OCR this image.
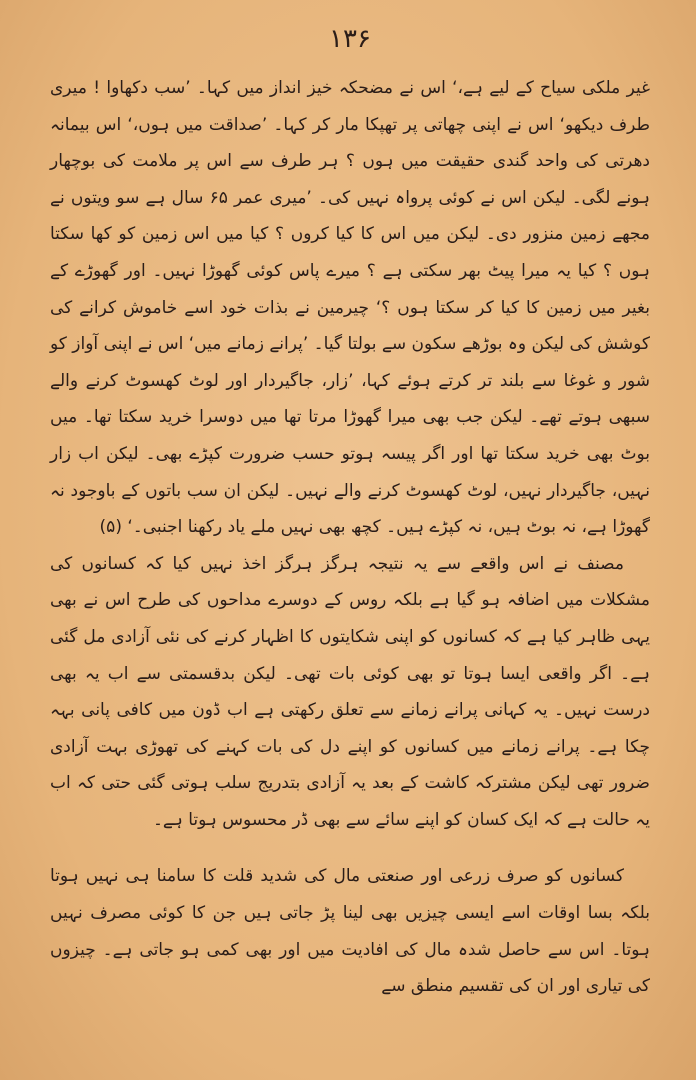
۱۳۶

غیر ملکی سیاح کے لیے ہے،‘ اس نے مضحکہ خیز انداز میں کہا۔ ’سب دکھاوا ! میری طرف دیکھو‘ اس نے اپنی چھاتی پر تھپکا مار کر کہا۔ ’صداقت میں ہوں،‘ اس بیمانہ دھرتی کی واحد گندی حقیقت میں ہوں ؟ ہر طرف سے اس پر ملامت کی بوچھار ہونے لگی۔ لیکن اس نے کوئی پرواہ نہیں کی۔ ’میری عمر ۶۵ سال ہے سو ویتوں نے مجھے زمین منزور دی۔ لیکن میں اس کا کیا کروں ؟ کیا میں اس زمین کو کھا سکتا ہوں ؟ کیا یہ میرا پیٹ بھر سکتی ہے ؟ میرے پاس کوئی گھوڑا نہیں۔ اور گھوڑے کے بغیر میں زمین کا کیا کر سکتا ہوں ؟‘ چیرمین نے بذات خود اسے خاموش کرانے کی کوشش کی لیکن وہ بوڑھے سکون سے بولتا گیا۔ ’پرانے زمانے میں‘ اس نے اپنی آواز کو شور و غوغا سے بلند تر کرتے ہوئے کہا، ’زار، جاگیردار اور لوٹ کھسوٹ کرنے والے سبھی ہوتے تھے۔ لیکن جب بھی میرا گھوڑا مرتا تھا میں دوسرا خرید سکتا تھا۔ میں بوٹ بھی خرید سکتا تھا اور اگر پیسہ ہوتو حسب ضرورت کپڑے بھی۔ لیکن اب زار نہیں، جاگیردار نہیں، لوٹ کھسوٹ کرنے والے نہیں۔ لیکن ان سب باتوں کے باوجود نہ گھوڑا ہے، نہ بوٹ ہیں، نہ کپڑے ہیں۔ کچھ بھی نہیں ملے یاد رکھنا اجنبی۔‘ (۵)

مصنف نے اس واقعے سے یہ نتیجہ ہرگز ہرگز اخذ نہیں کیا کہ کسانوں کی مشکلات میں اضافہ ہو گیا ہے بلکہ روس کے دوسرے مداحوں کی طرح اس نے بھی یہی ظاہر کیا ہے کہ کسانوں کو اپنی شکایتوں کا اظہار کرنے کی نئی آزادی مل گئی ہے۔ اگر واقعی ایسا ہوتا تو بھی کوئی بات تھی۔ لیکن بدقسمتی سے اب یہ بھی درست نہیں۔ یہ کہانی پرانے زمانے سے تعلق رکھتی ہے اب ڈون میں کافی پانی بہہ چکا ہے۔ پرانے زمانے میں کسانوں کو اپنے دل کی بات کہنے کی تھوڑی بہت آزادی ضرور تھی لیکن مشترکہ کاشت کے بعد یہ آزادی بتدریج سلب ہوتی گئی حتی کہ اب یہ حالت ہے کہ ایک کسان کو اپنے سائے سے بھی ڈر محسوس ہوتا ہے۔

کسانوں کو صرف زرعی اور صنعتی مال کی شدید قلت کا سامنا ہی نہیں ہوتا بلکہ بسا اوقات اسے ایسی چیزیں بھی لینا پڑ جاتی ہیں جن کا کوئی مصرف نہیں ہوتا۔ اس سے حاصل شدہ مال کی افادیت میں اور بھی کمی ہو جاتی ہے۔ چیزوں کی تیاری اور ان کی تقسیم منطق سے
